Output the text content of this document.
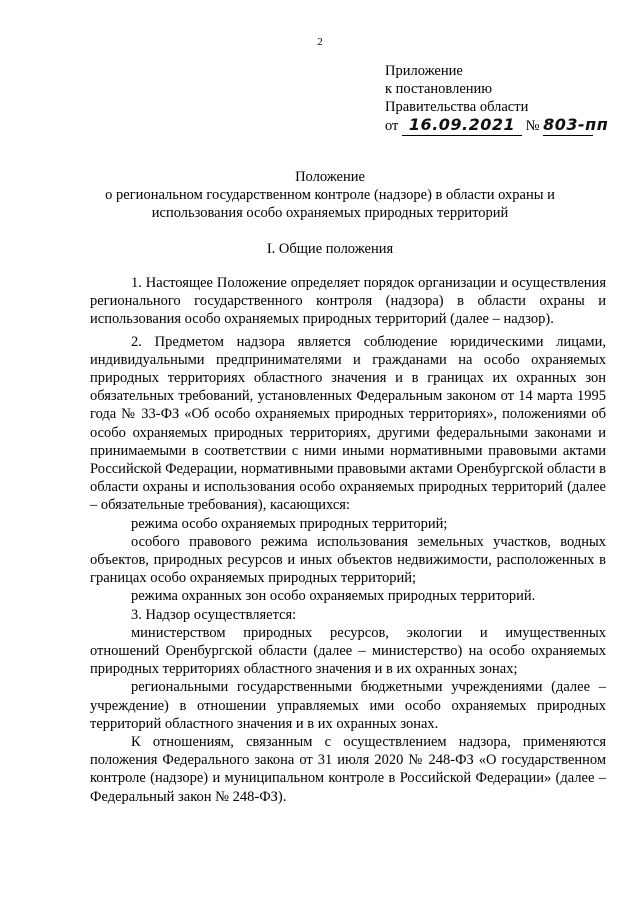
2
Приложение
к постановлению
Правительства области
от 16.09.2021 № 803-пп
Положение
о региональном государственном контроле (надзоре) в области охраны и
использования особо охраняемых природных территорий
I. Общие положения

1. Настоящее Положение определяет порядок организации и осуществления регионального государственного контроля (надзора) в области охраны и использования особо охраняемых природных территорий (далее – надзор).

2. Предметом надзора является соблюдение юридическими лицами, индивидуальными предпринимателями и гражданами на особо охраняемых природных территориях областного значения и в границах их охранных зон обязательных требований, установленных Федеральным законом от 14 марта 1995 года № 33-ФЗ «Об особо охраняемых природных территориях», положениями об особо охраняемых природных территориях, другими федеральными законами и принимаемыми в соответствии с ними иными нормативными правовыми актами Российской Федерации, нормативными правовыми актами Оренбургской области в области охраны и использования особо охраняемых природных территорий (далее – обязательные требования), касающихся:

режима особо охраняемых природных территорий;

особого правового режима использования земельных участков, водных объектов, природных ресурсов и иных объектов недвижимости, расположенных в границах особо охраняемых природных территорий;

режима охранных зон особо охраняемых природных территорий.

3. Надзор осуществляется:

министерством природных ресурсов, экологии и имущественных отношений Оренбургской области (далее – министерство) на особо охраняемых природных территориях областного значения и в их охранных зонах;

региональными государственными бюджетными учреждениями (далее – учреждение) в отношении управляемых ими особо охраняемых природных территорий областного значения и в их охранных зонах.

К отношениям, связанным с осуществлением надзора, применяются положения Федерального закона от 31 июля 2020 № 248-ФЗ «О государственном контроле (надзоре) и муниципальном контроле в Российской Федерации» (далее – Федеральный закон № 248-ФЗ).
